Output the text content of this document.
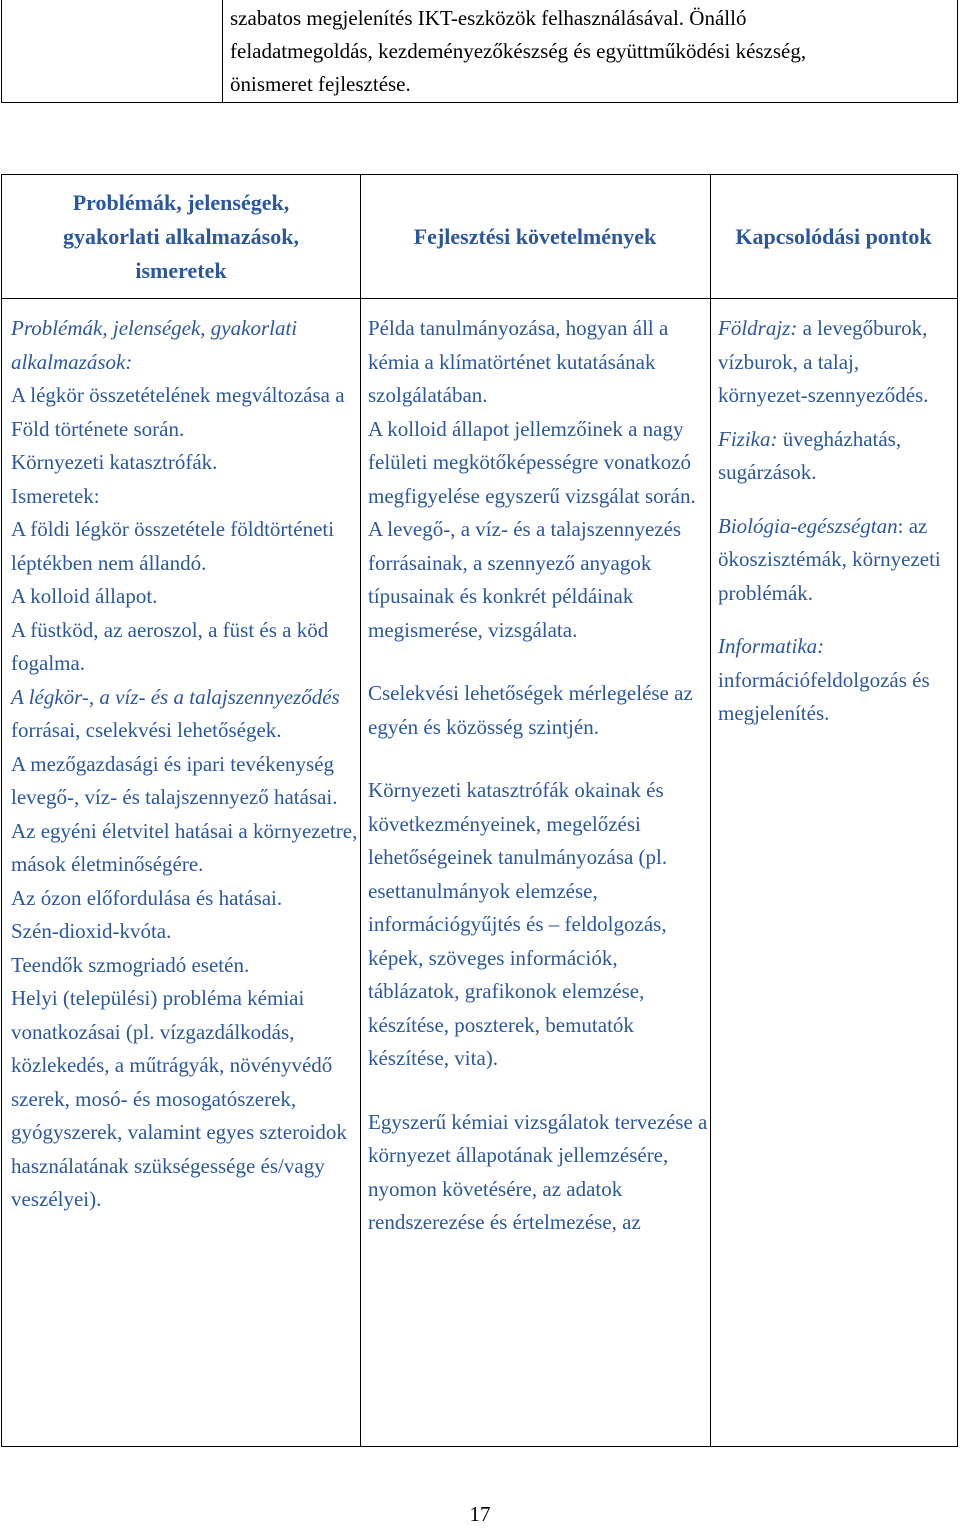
szabatos megjelenítés IKT-eszközök felhasználásával. Önálló
feladatmegoldás, kezdeményezőkészség és együttműködési készség,
önismeret fejlesztése.
Problémák, jelenségek,
gyakorlati alkalmazások,
ismeretek
Fejlesztési követelmények	Kapcsolódási pontok
Problémák, jelenségek, gyakorlati alkalmazások:
A légkör összetételének megváltozása a Föld története során.
Környezeti katasztrófák.
Ismeretek:
A földi légkör összetétele földtörténeti léptékben nem állandó.
A kolloid állapot.
A füstköd, az aeroszol, a füst és a köd fogalma.
A légkör-, a víz- és a talajszennyeződés forrásai, cselekvési lehetőségek.
A mezőgazdasági és ipari tevékenység levegő-, víz- és talajszennyező hatásai.
Az egyéni életvitel hatásai a környezetre, mások életminőségére.
Az ózon előfordulása és hatásai.
Szén-dioxid-kvóta.
Teendők szmogriadó esetén.
Helyi (települési) probléma kémiai vonatkozásai (pl. vízgazdálkodás, közlekedés, a műtrágyák, növényvédő szerek, mosó- és mosogatószerek, gyógyszerek, valamint egyes szteroidok használatának szükségessége és/vagy veszélyei).
Példa tanulmányozása, hogyan áll a kémia a klímatörténet kutatásának szolgálatában.
A kolloid állapot jellemzőinek a nagy felületi megkötőképességre vonatkozó megfigyelése egyszerű vizsgálat során.
A levegő-, a víz- és a talajszennyezés forrásainak, a szennyező anyagok típusainak és konkrét példáinak megismerése, vizsgálata.
Cselekvési lehetőségek mérlegelése az egyén és közösség szintjén.
Környezeti katasztrófák okainak és következményeinek, megelőzési lehetőségeinek tanulmányozása (pl. esettanulmányok elemzése, információgyűjtés és – feldolgozás, képek, szöveges információk, táblázatok, grafikonok elemzése, készítése, poszterek, bemutatók készítése, vita).
Egyszerű kémiai vizsgálatok tervezése a környezet állapotának jellemzésére, nyomon követésére, az adatok rendszerezése és értelmezése, az
Földrajz: a levegőburok, vízburok, a talaj, környezet-szennyeződés.
Fizika: üvegházhatás, sugárzások.
Biológia-egészségtan: az ökoszisztémák, környezeti problémák.
Informatika:
információfeldolgozás és megjelenítés.
17
